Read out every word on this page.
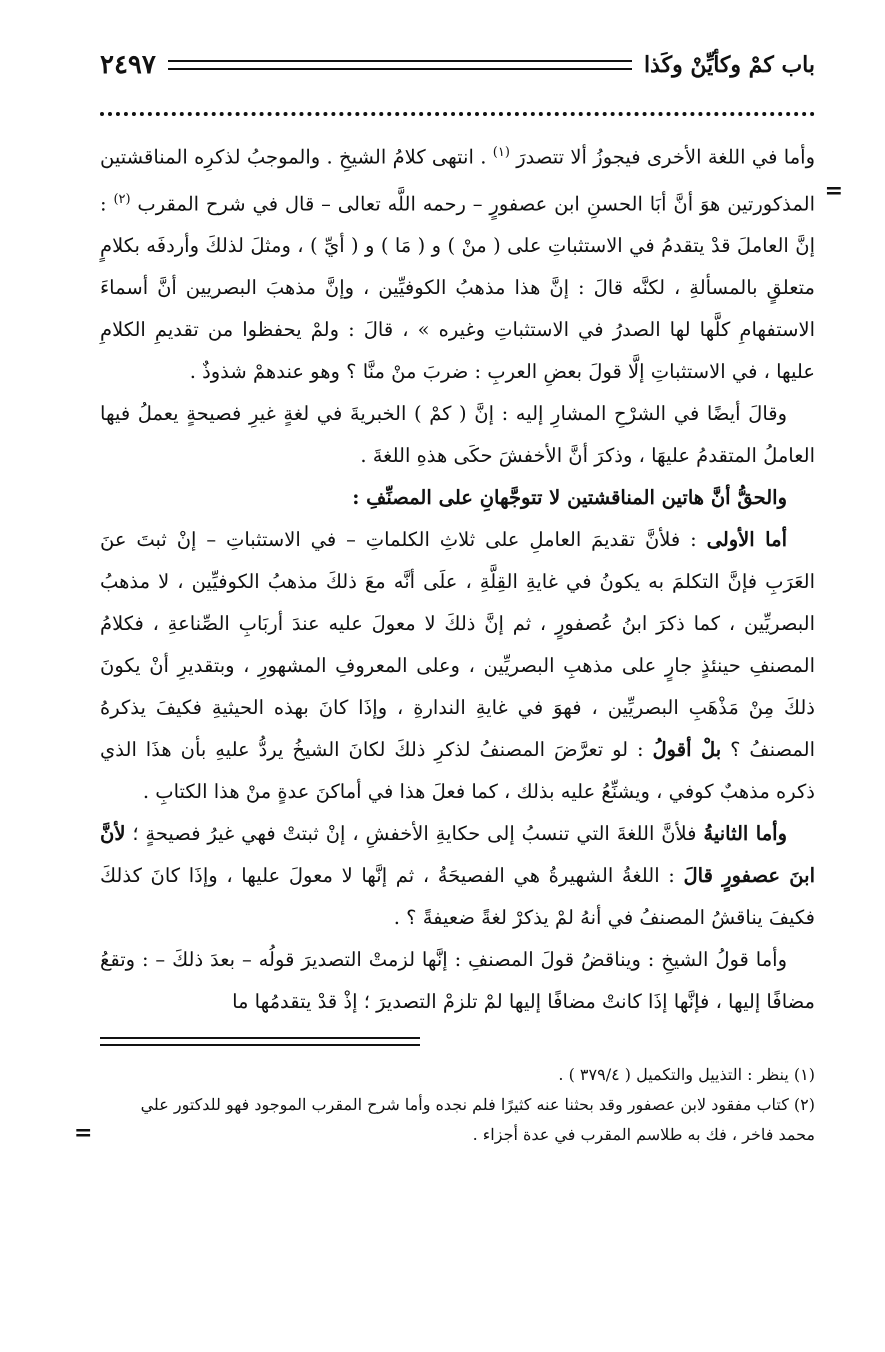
باب كمْ وكأيِّنْ وكَذا
٢٤٩٧
=
=

وأما في اللغة الأخرى فيجوزُ ألا تتصدرَ $^{(١)}$ . انتهى كلامُ الشيخِ . والموجبُ لذكرِه المناقشتين المذكورتين هوَ أنَّ أبَا الحسنِ ابن عصفورٍ – رحمه اللَّه تعالى – قال في شرح المقرب $^{(٢)}$ : إنَّ العاملَ قدْ يتقدمُ في الاستثباتِ على ( منْ ) و ( مَا ) و ( أيِّ ) ، ومثلَ لذلكَ وأردفَه بكلامٍ متعلقٍ بالمسألةِ ، لكنَّه قالَ : إنَّ هذا مذهبُ الكوفيِّين ، وإنَّ مذهبَ البصريين أنَّ أسماءَ الاستفهامِ كلَّها لها الصدرُ في الاستثباتِ وغيره » ، قالَ : ولمْ يحفظوا من تقديمِ الكلامِ عليها ، في الاستثباتِ إلَّا قولَ بعضِ العربِ : ضربَ منْ منَّا ؟ وهو عندهمْ شذوذٌ .

وقالَ أيضًا في الشرْحِ المشارِ إليه : إنَّ ( كمْ ) الخبريةَ في لغةٍ غيرِ فصيحةٍ يعملُ فيها العاملُ المتقدمُ عليهَا ، وذكرَ أنَّ الأخفشَ حكَى هذهِ اللغةَ .

والحقُّ أنَّ هاتين المناقشتين لا تتوجَّهانِ على المصنِّفِ :

أما الأولى : فلأنَّ تقديمَ العاملِ على ثلاثِ الكلماتِ – في الاستثباتِ – إنْ ثبتَ عنَ العَرَبِ فإنَّ التكلمَ به يكونُ في غايةِ القِلَّةِ ، علَى أنَّه معَ ذلكَ مذهبُ الكوفيِّين ، لا مذهبُ البصريِّين ، كما ذكرَ ابنُ عُصفورٍ ، ثم إنَّ ذلكَ لا معولَ عليه عندَ أربَابِ الصِّناعةِ ، فكلامُ المصنفِ حينئذٍ جارٍ على مذهبِ البصريِّين ، وعلى المعروفِ المشهورِ ، وبتقديرِ أنْ يكونَ ذلكَ مِنْ مَذْهَبِ البصريِّين ، فهوَ في غايةِ الندارةِ ، وإذَا كانَ بهذه الحيثيةِ فكيفَ يذكرهُ المصنفُ ؟ بلْ أقولُ : لو تعرَّضَ المصنفُ لذكرِ ذلكَ لكانَ الشيخُ يردُّ عليهِ بأن هذَا الذي ذكره مذهبٌ كوفي ، ويشنِّعُ عليه بذلك ، كما فعلَ هذا في أماكنَ عدةٍ منْ هذا الكتابِ .

وأما الثانيةُ فلأنَّ اللغةَ التي تنسبُ إلى حكايةِ الأخفشِ ، إنْ ثبتتْ فهي غيرُ فصيحةٍ ؛ لأنَّ ابنَ عصفورٍ قالَ : اللغةُ الشهيرةُ هي الفصيحَةُ ، ثم إنَّها لا معولَ عليها ، وإذَا كانَ كذلكَ فكيفَ يناقشُ المصنفُ في أنهُ لمْ يذكرْ لغةً ضعيفةً ؟ .

وأما قولُ الشيخِ : ويناقضُ قولَ المصنفِ : إنَّها لزمتْ التصديرَ قولُه – بعدَ ذلكَ – : وتقعُ مضافًا إليها ، فإنَّها إذَا كانتْ مضافًا إليها لمْ تلزمْ التصديرَ ؛ إذْ قدْ يتقدمُها ما

(١) ينظر : التذييل والتكميل ( ٣٧٩/٤ ) .

(٢) كتاب مفقود لابن عصفور وقد بحثنا عنه كثيرًا فلم نجده وأما شرح المقرب الموجود فهو للدكتور علي محمد فاخر ، فك به طلاسم المقرب في عدة أجزاء .
